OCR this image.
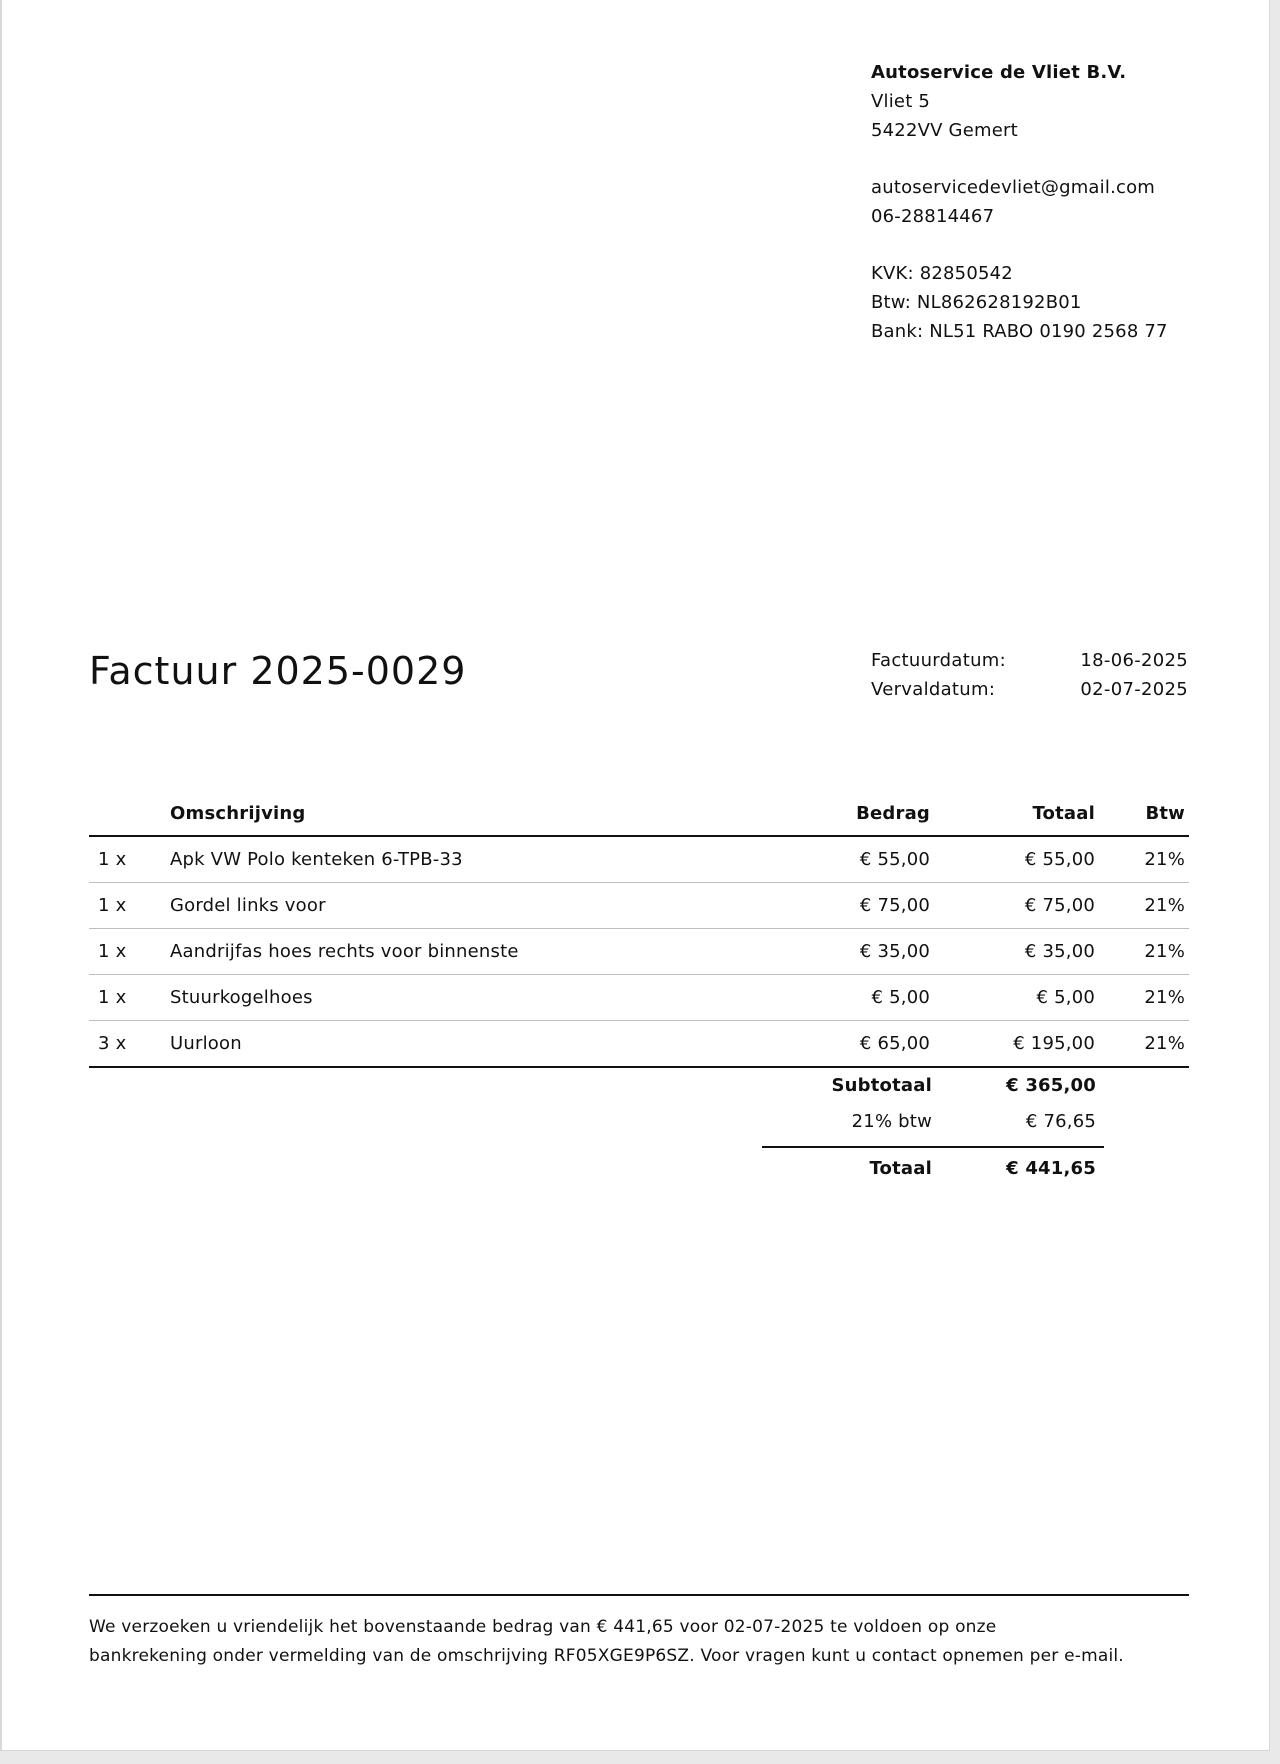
Autoservice de Vliet B.V.
Vliet 5
5422VV Gemert
autoservicedevliet@gmail.com
06-28814467
KVK: 82850542
Btw: NL862628192B01
Bank: NL51 RABO 0190 2568 77
Factuur 2025-0029	Factuurdatum:	18-06-2025
Vervaldatum:	02-07-2025
Omschrijving	Bedrag	Totaal	Btw
1 x Apk VW Polo kenteken 6-TPB-33	€ 55,00	€ 55,00	21%
1 x Gordel links voor	€ 75,00	€ 75,00	21%
1 x Aandrijfas hoes rechts voor binnenste	€ 35,00	€ 35,00	21%
1 x Stuurkogelhoes	€ 5,00	€ 5,00	21%
3 x Uurloon	€ 65,00	€ 195,00	21%
Subtotaal	€ 365,00
21% btw	€ 76,65
Totaal	€ 441,65
We verzoeken u vriendelijk het bovenstaande bedrag van € 441,65 voor 02-07-2025 te voldoen op onze
bankrekening onder vermelding van de omschrijving RF05XGE9P6SZ. Voor vragen kunt u contact opnemen per e-mail.
